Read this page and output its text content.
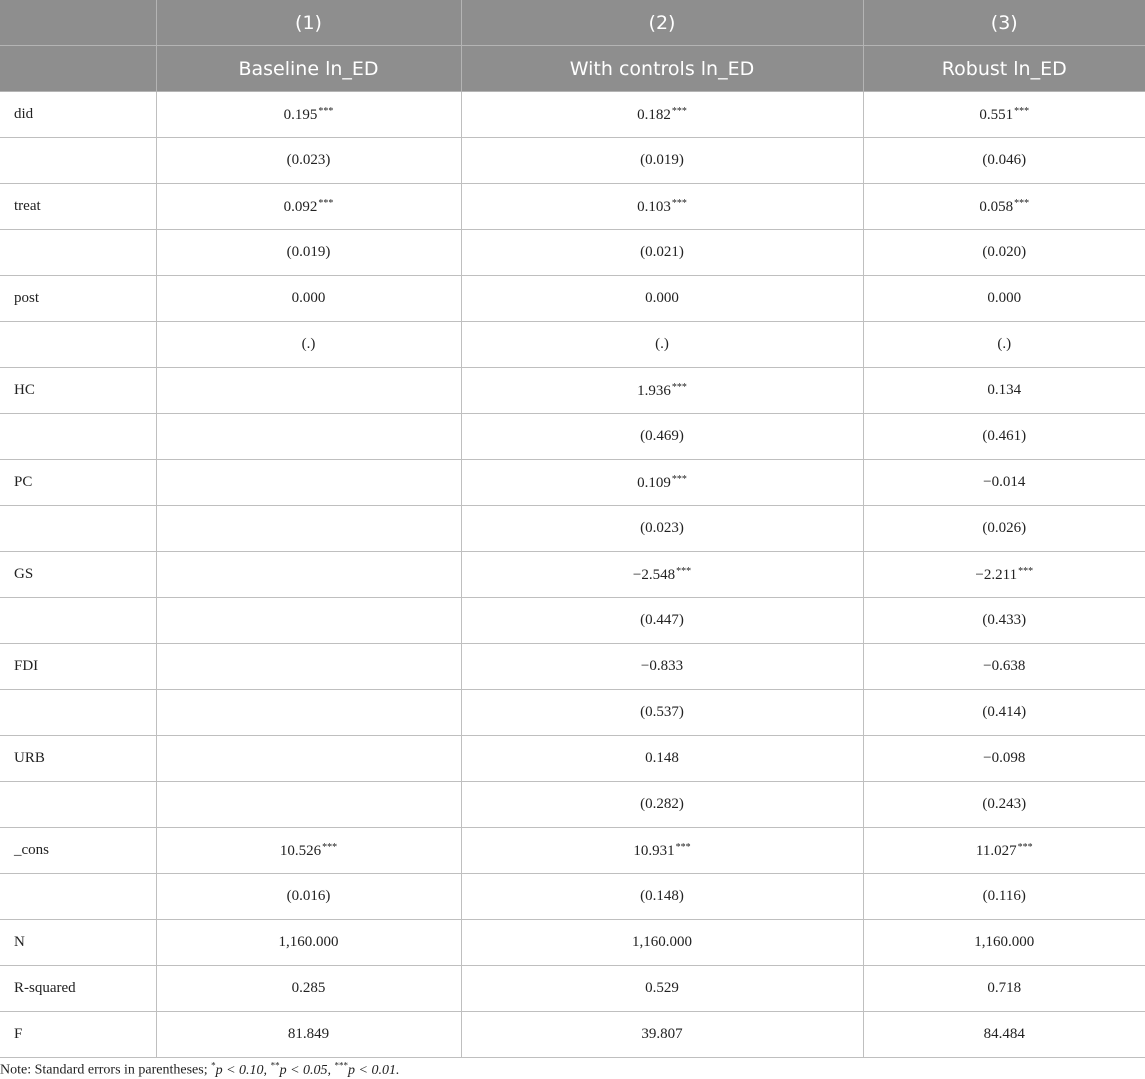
	(1)	(2)	(3)
	Baseline ln_ED	With controls ln_ED	Robust ln_ED
did	0.195***	0.182***	0.551***
	(0.023)	(0.019)	(0.046)
treat	0.092***	0.103***	0.058***
	(0.019)	(0.021)	(0.020)
post	0.000	0.000	0.000
	(.)	(.)	(.)
HC		1.936***	0.134
		(0.469)	(0.461)
PC		0.109***	−0.014
		(0.023)	(0.026)
GS		−2.548***	−2.211***
		(0.447)	(0.433)
FDI		−0.833	−0.638
		(0.537)	(0.414)
URB		0.148	−0.098
		(0.282)	(0.243)
_cons	10.526***	10.931***	11.027***
	(0.016)	(0.148)	(0.116)
N	1,160.000	1,160.000	1,160.000
R-squared	0.285	0.529	0.718
F	81.849	39.807	84.484
Note: Standard errors in parentheses; *p < 0.10, **p < 0.05, ***p < 0.01.
